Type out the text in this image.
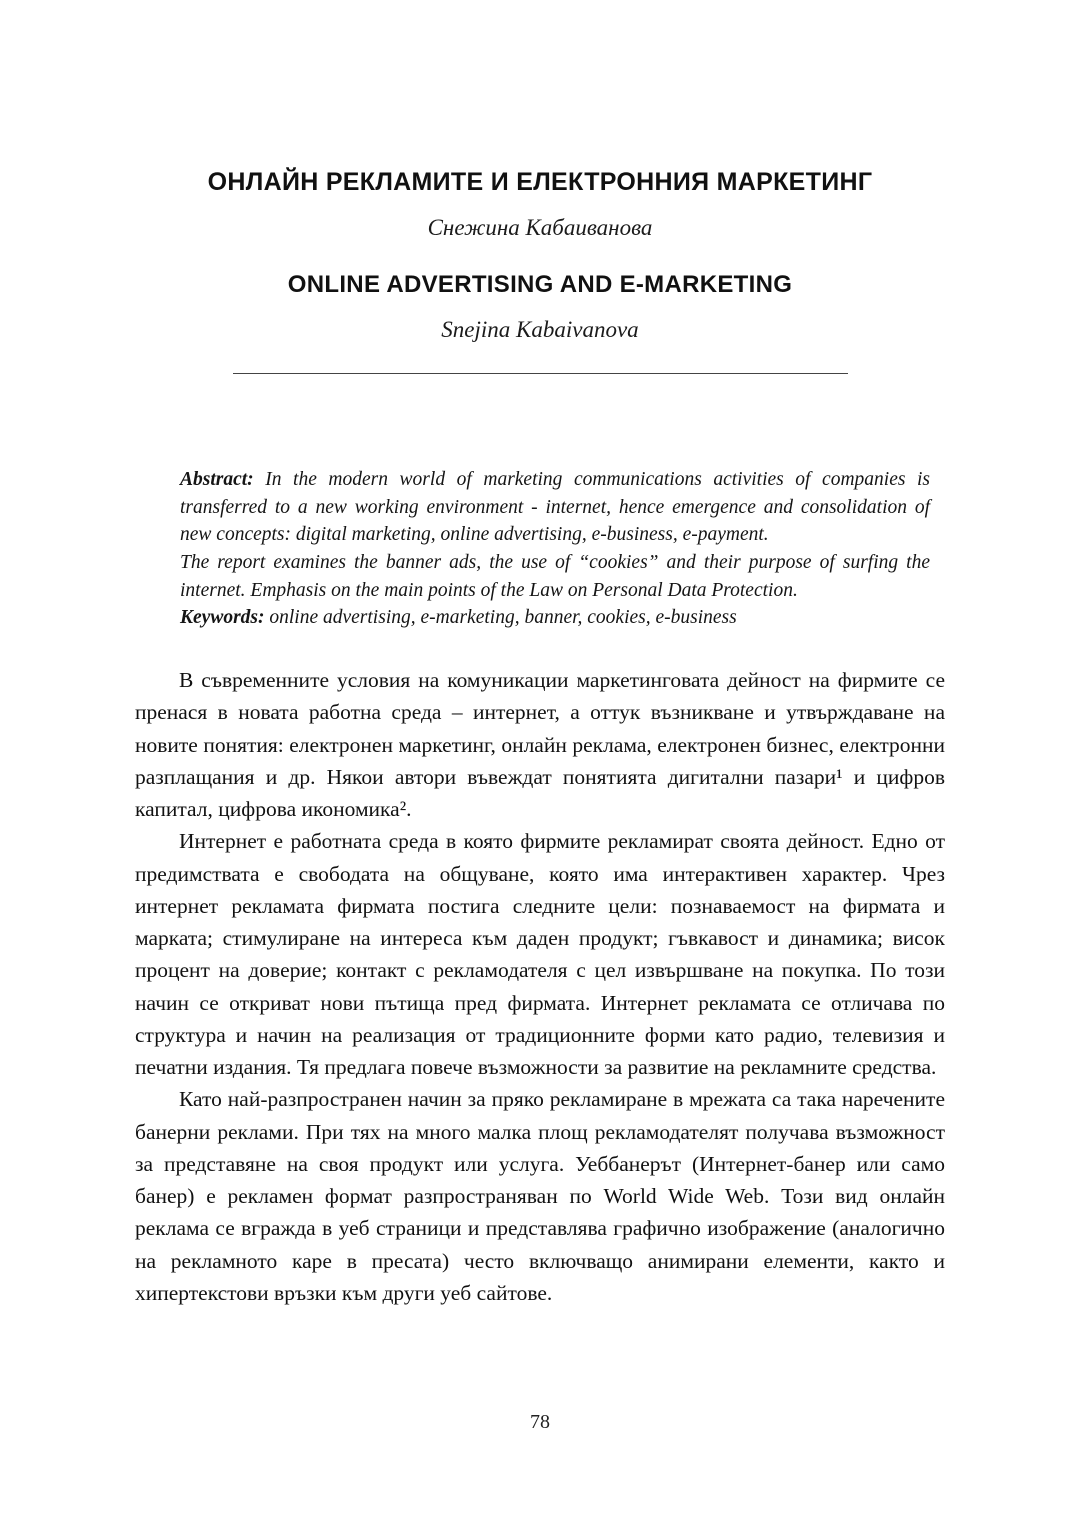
ОНЛАЙН РЕКЛАМИТЕ И ЕЛЕКТРОННИЯ МАРКЕТИНГ

Снежина Кабаиванова

ONLINE ADVERTISING AND E-MARKETING

Snejina Kabaivanova

Abstract: In the modern world of marketing communications activities of companies is transferred to a new working environment - internet, hence emergence and consolidation of new concepts: digital marketing, online advertising, e-business, e-payment.

The report examines the banner ads, the use of “cookies” and their purpose of surfing the internet. Emphasis on the main points of the Law on Personal Data Protection.

Keywords: online advertising, e-marketing, banner, cookies, e-business

В съвременните условия на комуникации маркетинговата дейност на фирмите се пренася в новата работна среда – интернет, а оттук възникване и утвърждаване на новите понятия: електронен маркетинг, онлайн реклама, електронен бизнес, електронни разплащания и др. Някои автори въвеждат понятията дигитални пазари¹ и цифров капитал, цифрова икономика².

Интернет е работната среда в която фирмите рекламират своята дейност. Едно от предимствата е свободата на общуване, която има интерактивен характер. Чрез интернет рекламата фирмата постига следните цели: познаваемост на фирмата и марката; стимулиране на интереса към даден продукт; гъвкавост и динамика; висок процент на доверие; контакт с рекламодателя с цел извършване на покупка. По този начин се откриват нови пътища пред фирмата. Интернет рекламата се отличава по структура и начин на реализация от традиционните форми като радио, телевизия и печатни издания. Тя предлага повече възможности за развитие на рекламните средства.

Като най-разпространен начин за пряко рекламиране в мрежата са така наречените банерни реклами. При тях на много малка площ рекламодателят получава възможност за представяне на своя продукт или услуга. Уеббанерът (Интернет-банер или само банер) е рекламен формат разпространяван по World Wide Web. Този вид онлайн реклама се вгражда в уеб страници и представлява графично изображение (аналогично на рекламното каре в пресата) често включващо анимирани елементи, както и хипертекстови връзки към други уеб сайтове.

78
